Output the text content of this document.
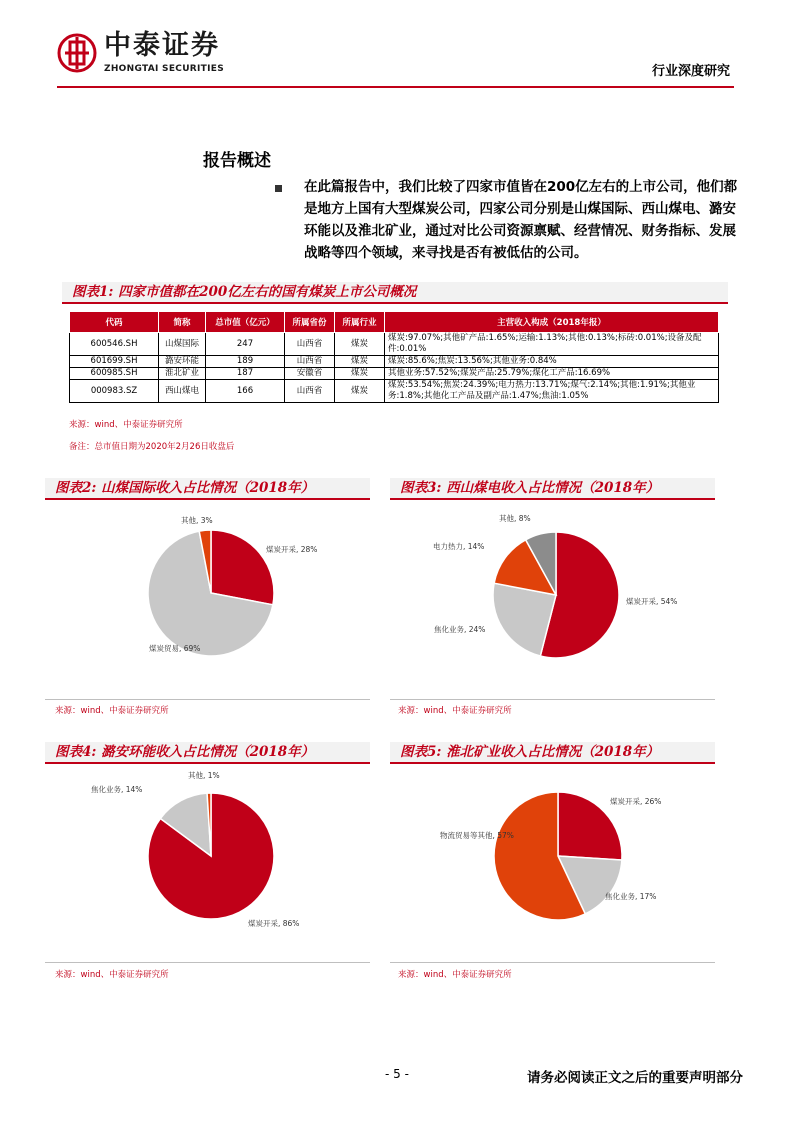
中泰证券
ZHONGTAI SECURITIES	行业深度研究
报告概述
在此篇报告中，我们比较了四家市值皆在200亿左右的上市公司，他们都是地方上国有大型煤炭公司，四家公司分别是山煤国际、西山煤电、潞安环能以及淮北矿业，通过对比公司资源禀赋、经营情况、财务指标、发展战略等四个领域，来寻找是否有被低估的公司。
图表1: 四家市值都在200亿左右的国有煤炭上市公司概况
代码	简称	总市值（亿元）	所属省份	所属行业	主营收入构成（2018年报）
600546.SH	山煤国际	247	山西省	煤炭	煤炭:97.07%;其他矿产品:1.65%;运输:1.13%;其他:0.13%;标砖:0.01%;设备及配件:0.01%
601699.SH	潞安环能	189	山西省	煤炭	煤炭:85.6%;焦炭:13.56%;其他业务:0.84%
600985.SH	淮北矿业	187	安徽省	煤炭	其他业务:57.52%;煤炭产品:25.79%;煤化工产品:16.69%
000983.SZ	西山煤电	166	山西省	煤炭	煤炭:53.54%;焦炭:24.39%;电力热力:13.71%;煤气:2.14%;其他:1.91%;其他业务:1.8%;其他化工产品及副产品:1.47%;焦油:1.05%
来源：wind、中泰证券研究所
备注：总市值日期为2020年2月26日收盘后
图表2: 山煤国际收入占比情况（2018年）
煤炭开采, 28%
煤炭贸易, 69%
其他, 3%
来源：wind、中泰证券研究所
图表3: 西山煤电收入占比情况（2018年）
煤炭开采, 54%
焦化业务, 24%
电力热力, 14%
其他, 8%
来源：wind、中泰证券研究所
图表4: 潞安环能收入占比情况（2018年）
煤炭开采, 86%
焦化业务, 14%
其他, 1%
来源：wind、中泰证券研究所
图表5: 淮北矿业收入占比情况（2018年）
煤炭开采, 26%
焦化业务, 17%
物流贸易等其他, 57%
来源：wind、中泰证券研究所
- 5 -	请务必阅读正文之后的重要声明部分
